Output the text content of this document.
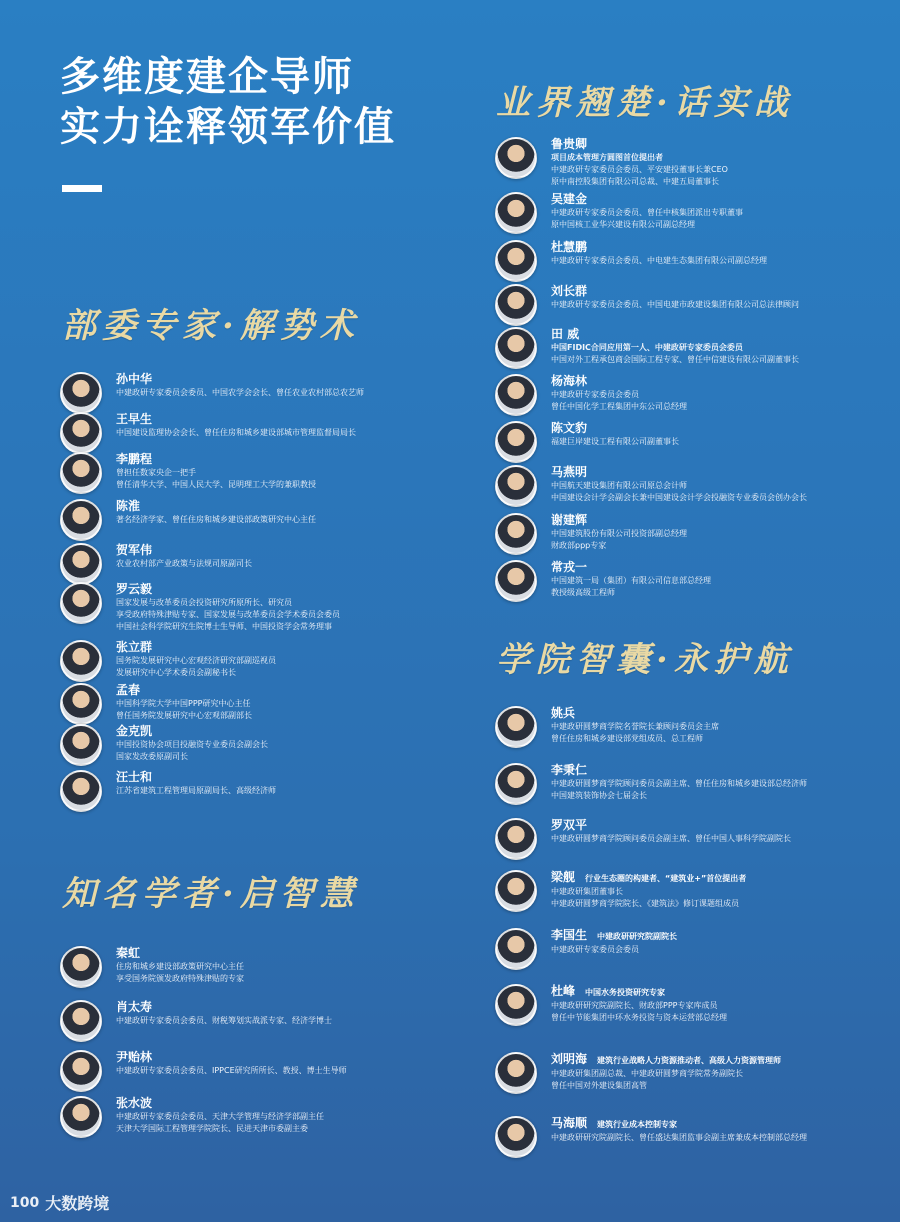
多维度建企导师
实力诠释领军价值
部委专家·解势术
业界翘楚·话实战
知名学者·启智慧
学院智囊·永护航
孙中华
中建政研专家委员会委员、中国农学会会长、曾任农业农村部总农艺师
王早生
中国建设监理协会会长、曾任住房和城乡建设部城市管理监督局局长
李鹏程
曾担任数家央企一把手
曾任清华大学、中国人民大学、昆明理工大学的兼职教授
陈淮
著名经济学家、曾任住房和城乡建设部政策研究中心主任
贺军伟
农业农村部产业政策与法规司原副司长
罗云毅
国家发展与改革委员会投资研究所原所长、研究员
享受政府特殊津贴专家、国家发展与改革委员会学术委员会委员
中国社会科学院研究生院博士生导师、中国投资学会常务理事
张立群
国务院发展研究中心宏观经济研究部副巡视员
发展研究中心学术委员会副秘书长
孟春
中国科学院大学中国PPP研究中心主任
曾任国务院发展研究中心宏观部副部长
金克凯
中国投资协会项目投融资专业委员会副会长
国家发改委原副司长
汪士和
江苏省建筑工程管理局原副局长、高级经济师
秦虹
住房和城乡建设部政策研究中心主任
享受国务院颁发政府特殊津贴的专家
肖太寿
中建政研专家委员会委员、财税筹划实战派专家、经济学博士
尹贻林
中建政研专家委员会委员、IPPCE研究所所长、教授、博士生导师
张水波
中建政研专家委员会委员、天津大学管理与经济学部副主任
天津大学国际工程管理学院院长、民进天津市委副主委
鲁贵卿
项目成本管理方圆图首位提出者
中建政研专家委员会委员、平安建投董事长兼CEO
原中南控股集团有限公司总裁、中建五局董事长
吴建金
中建政研专家委员会委员、曾任中核集团派出专职董事
原中国核工业华兴建设有限公司副总经理
杜慧鹏
中建政研专家委员会委员、中电建生态集团有限公司副总经理
刘长群
中建政研专家委员会委员、中国电建市政建设集团有限公司总法律顾问
田 威
中国FIDIC合同应用第一人、中建政研专家委员会委员
中国对外工程承包商会国际工程专家、曾任中信建设有限公司副董事长
杨海林
中建政研专家委员会委员
曾任中国化学工程集团中东公司总经理
陈文豹
福建巨岸建设工程有限公司副董事长
马燕明
中国航天建设集团有限公司原总会计师
中国建设会计学会副会长兼中国建设会计学会投融资专业委员会创办会长
谢建辉
中国建筑股份有限公司投资部副总经理
财政部ppp专家
常戎一
中国建筑一局（集团）有限公司信息部总经理
教授级高级工程师
姚兵
中建政研圆梦商学院名誉院长兼顾问委员会主席
曾任住房和城乡建设部党组成员、总工程师
李秉仁
中建政研圆梦商学院顾问委员会副主席、曾任住房和城乡建设部总经济师
中国建筑装饰协会七届会长
罗双平
中建政研圆梦商学院顾问委员会副主席、曾任中国人事科学院副院长
梁舰 行业生态圈的构建者、“建筑业+”首位提出者
中建政研集团董事长
中建政研圆梦商学院院长、《建筑法》修订课题组成员
李国生 中建政研研究院副院长
中建政研专家委员会委员
杜峰 中国水务投资研究专家
中建政研研究院副院长、财政部PPP专家库成员
曾任中节能集团中环水务投资与资本运营部总经理
刘明海 建筑行业战略人力资源推动者、高级人力资源管理师
中建政研集团副总裁、中建政研圆梦商学院常务副院长
曾任中国对外建设集团高管
马海顺 建筑行业成本控制专家
中建政研研究院副院长、曾任盛达集团监事会副主席兼成本控制部总经理
100 大数跨境
